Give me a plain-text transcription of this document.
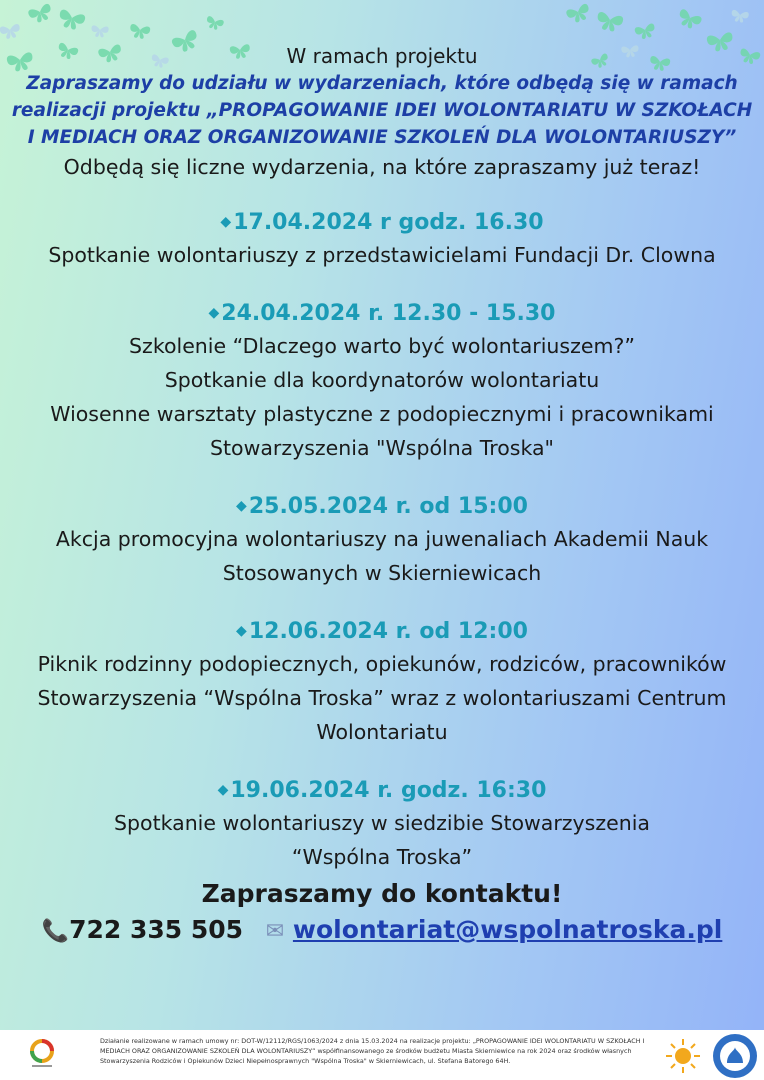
W ramach projektu
Zapraszamy do udziału w wydarzeniach, które odbędą się w ramach
realizacji projektu „PROPAGOWANIE IDEI WOLONTARIATU W SZKOŁACH
I MEDIACH ORAZ ORGANIZOWANIE SZKOLEŃ DLA WOLONTARIUSZY”
Odbędą się liczne wydarzenia, na które zapraszamy już teraz!
◆17.04.2024 r godz. 16.30
Spotkanie wolontariuszy z przedstawicielami Fundacji Dr. Clowna
◆24.04.2024 r. 12.30 - 15.30
Szkolenie “Dlaczego warto być wolontariuszem?”
Spotkanie dla koordynatorów wolontariatu
Wiosenne warsztaty plastyczne z podopiecznymi i pracownikami
Stowarzyszenia "Wspólna Troska"
◆25.05.2024 r. od 15:00
Akcja promocyjna wolontariuszy na juwenaliach Akademii Nauk
Stosowanych w Skierniewicach
◆12.06.2024 r. od 12:00
Piknik rodzinny podopiecznych, opiekunów, rodziców, pracowników
Stowarzyszenia “Wspólna Troska” wraz z wolontariuszami Centrum
Wolontariatu
◆19.06.2024 r. godz. 16:30
Spotkanie wolontariuszy w siedzibie Stowarzyszenia
“Wspólna Troska”
Zapraszamy do kontaktu!
📞722 335 505 ✉ wolontariat@wspolnatroska.pl
Działanie realizowane w ramach umowy nr: DOT-W/12112/RGS/1063/2024 z dnia 15.03.2024 na realizacje projektu: „PROPAGOWANIE IDEI WOLONTARIATU W SZKOŁACH I MEDIACH ORAZ ORGANIZOWANIE SZKOLEŃ DLA WOLONTARIUSZY” współfinansowanego ze środków budżetu Miasta Skierniewice na rok 2024 oraz środków własnych Stowarzyszenia Rodziców i Opiekunów Dzieci Niepełnosprawnych "Wspólna Troska" w Skierniewicach, ul. Stefana Batorego 64H.
